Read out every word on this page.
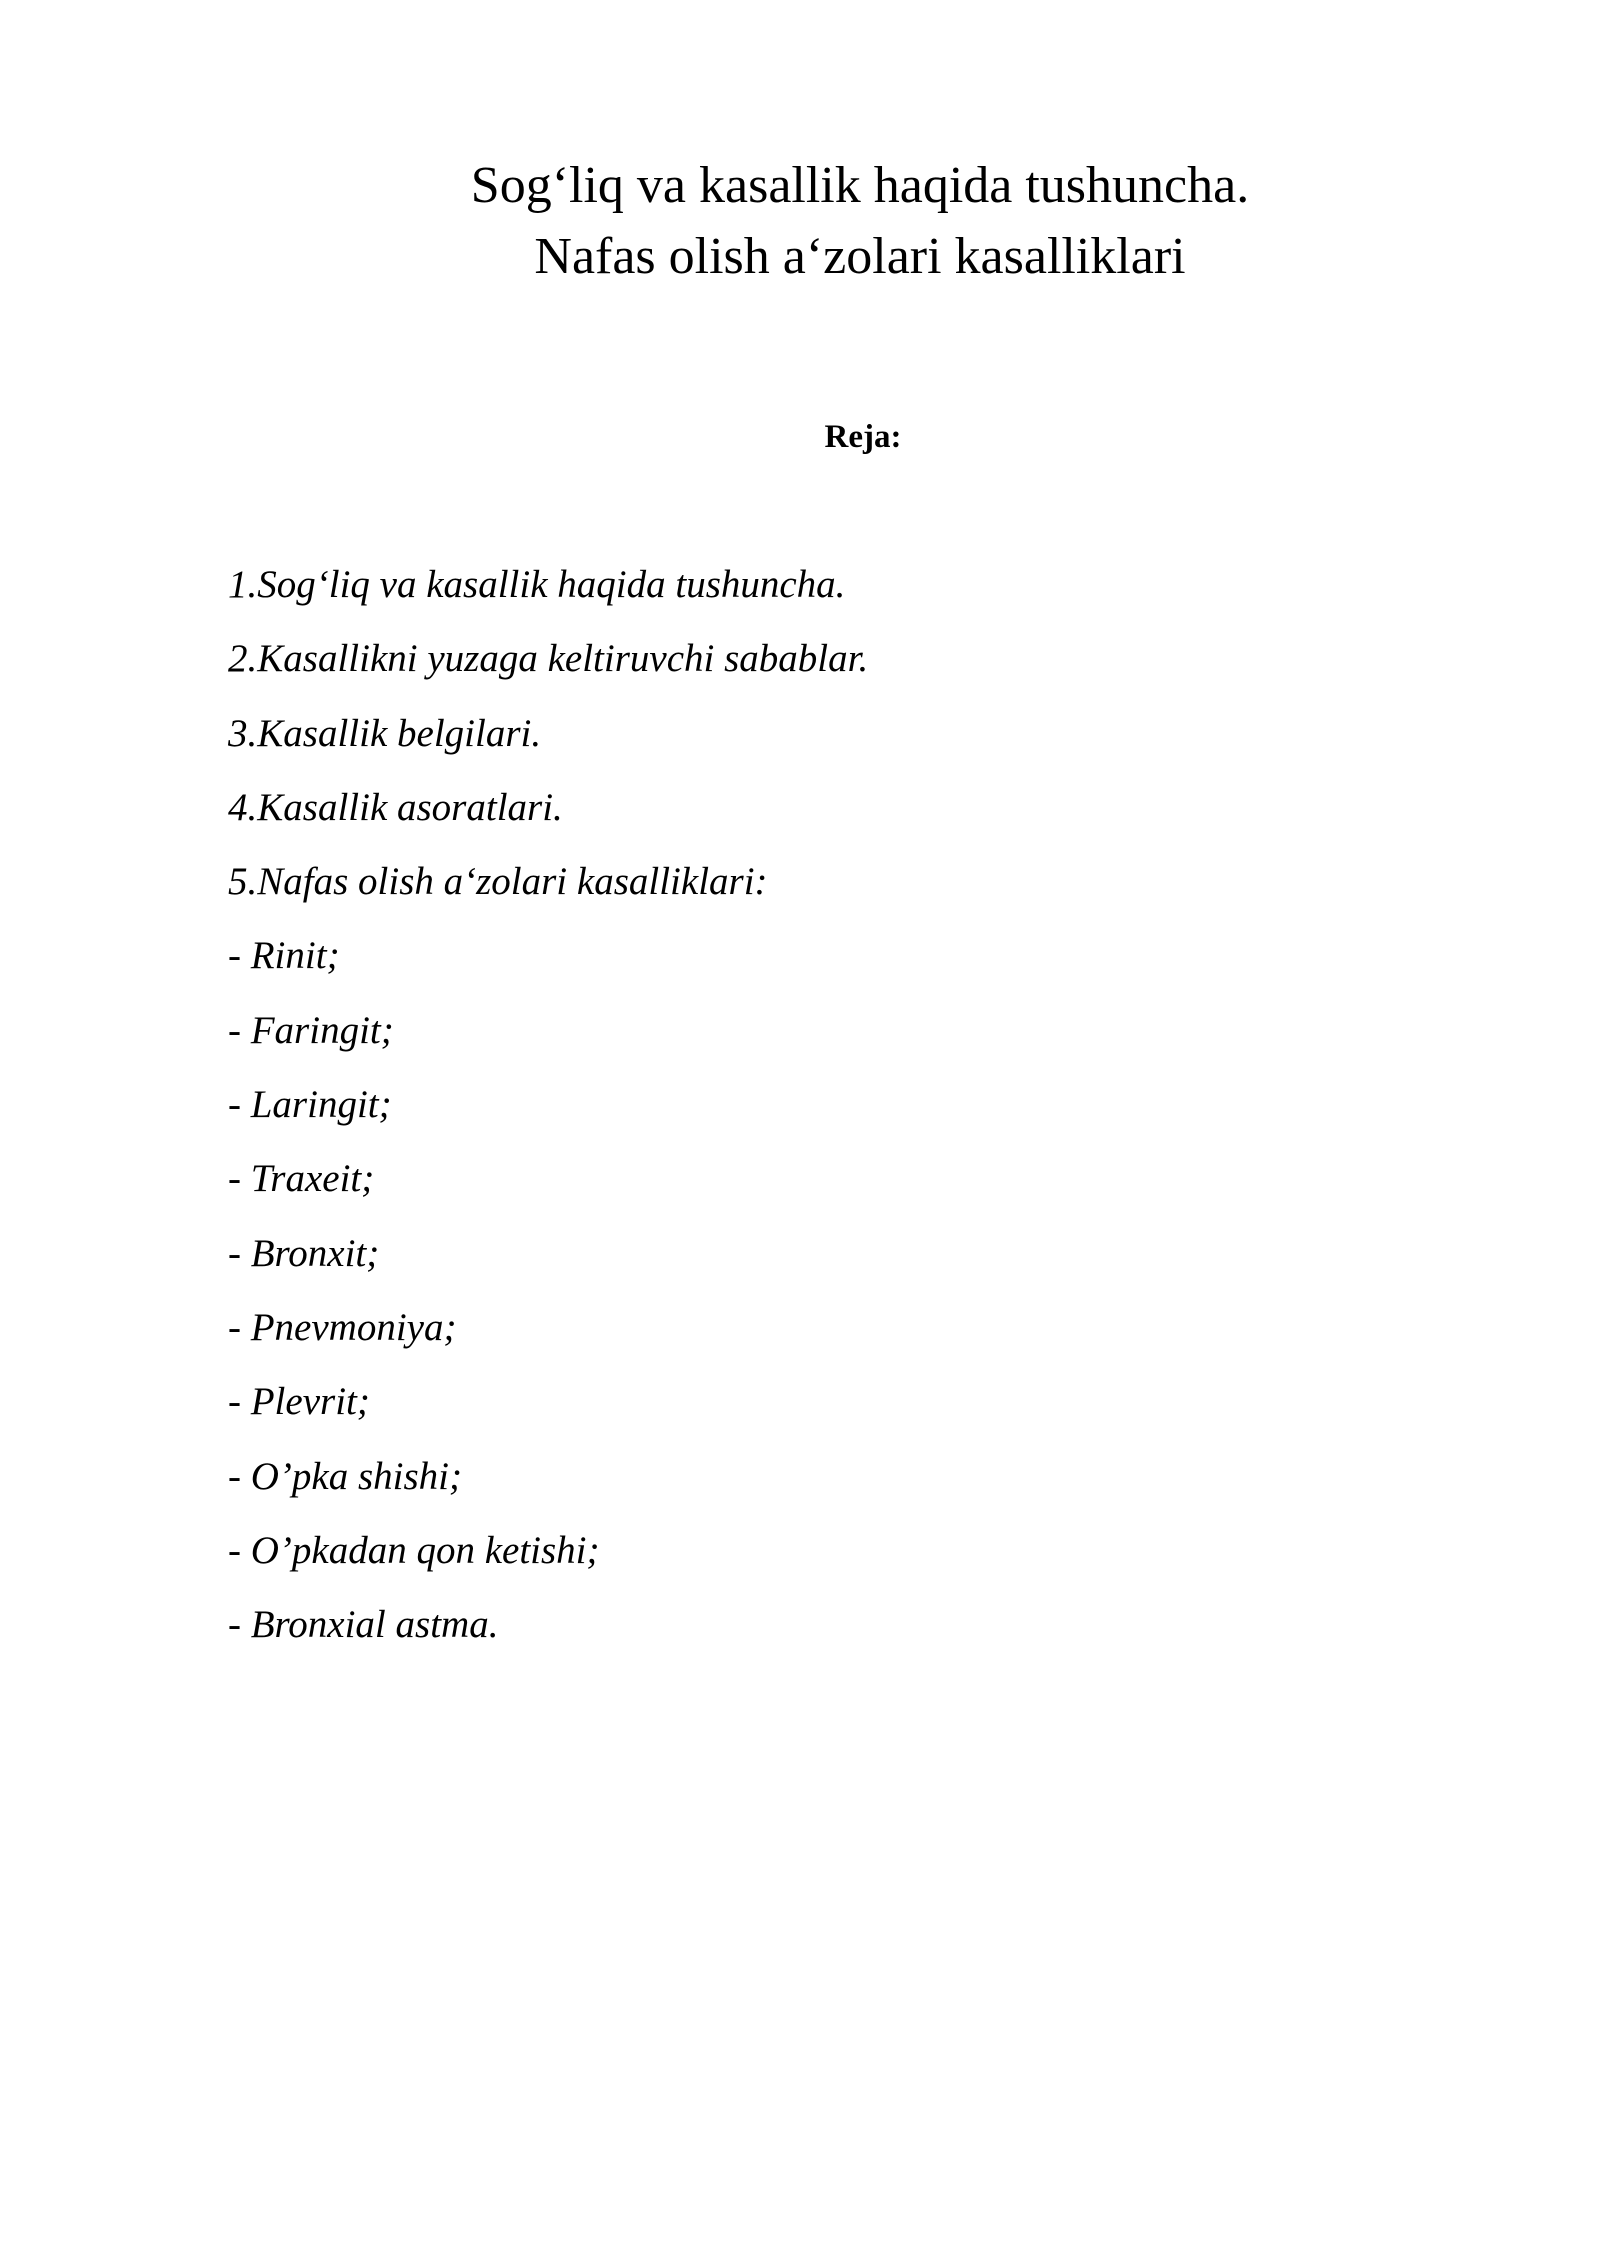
Sog‘liq va kasallik haqida tushuncha.
Nafas olish a‘zolari kasalliklari
Reja:
1.Sog‘liq va kasallik haqida tushuncha.
2.Kasallikni yuzaga keltiruvchi sabablar.
3.Kasallik belgilari.
4.Kasallik asoratlari.
5.Nafas olish a‘zolari kasalliklari:
- Rinit;
- Faringit;
- Laringit;
- Traxeit;
- Bronxit;
- Pnevmoniya;
- Plevrit;
- O’pka shishi;
- O’pkadan qon ketishi;
- Bronxial astma.
